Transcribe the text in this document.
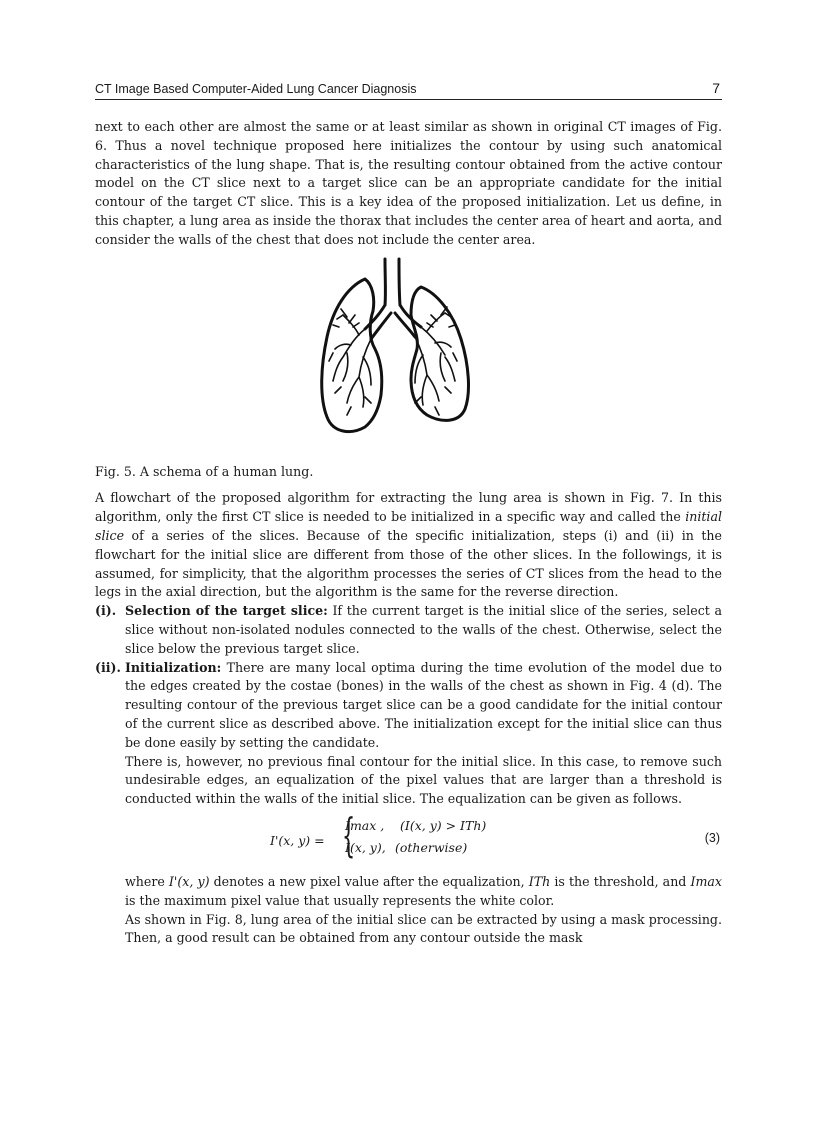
CT Image Based Computer-Aided Lung Cancer Diagnosis	7

next to each other are almost the same or at least similar as shown in original CT images of Fig. 6. Thus a novel technique proposed here initializes the contour by using such anatomical characteristics of the lung shape. That is, the resulting contour obtained from the active contour model on the CT slice next to a target slice can be an appropriate candidate for the initial contour of the target CT slice. This is a key idea of the proposed initialization. Let us define, in this chapter, a lung area as inside the thorax that includes the center area of heart and aorta, and consider the walls of the chest that does not include the center area.

Fig. 5. A schema of a human lung.

A flowchart of the proposed algorithm for extracting the lung area is shown in Fig. 7. In this algorithm, only the first CT slice is needed to be initialized in a specific way and called the initial slice of a series of the slices. Because of the specific initialization, steps (i) and (ii) in the flowchart for the initial slice are different from those of the other slices. In the followings, it is assumed, for simplicity, that the algorithm processes the series of CT slices from the head to the legs in the axial direction, but the algorithm is the same for the reverse direction.

(i). Selection of the target slice: If the current target is the initial slice of the series, select a slice without non-isolated nodules connected to the walls of the chest. Otherwise, select the slice below the previous target slice.

(ii). Initialization: There are many local optima during the time evolution of the model due to the edges created by the costae (bones) in the walls of the chest as shown in Fig. 4 (d). The resulting contour of the previous target slice can be a good candidate for the initial contour of the current slice as described above. The initialization except for the initial slice can thus be done easily by setting the candidate.

There is, however, no previous final contour for the initial slice. In this case, to remove such undesirable edges, an equalization of the pixel values that are larger than a threshold is conducted within the walls of the initial slice. The equalization can be given as follows.

I'(x, y) = {
Imax , (I(x, y) > ITh)
I(x, y), (otherwise)
(3)

where I'(x, y) denotes a new pixel value after the equalization, ITh is the threshold, and Imax is the maximum pixel value that usually represents the white color.

As shown in Fig. 8, lung area of the initial slice can be extracted by using a mask processing. Then, a good result can be obtained from any contour outside the mask
